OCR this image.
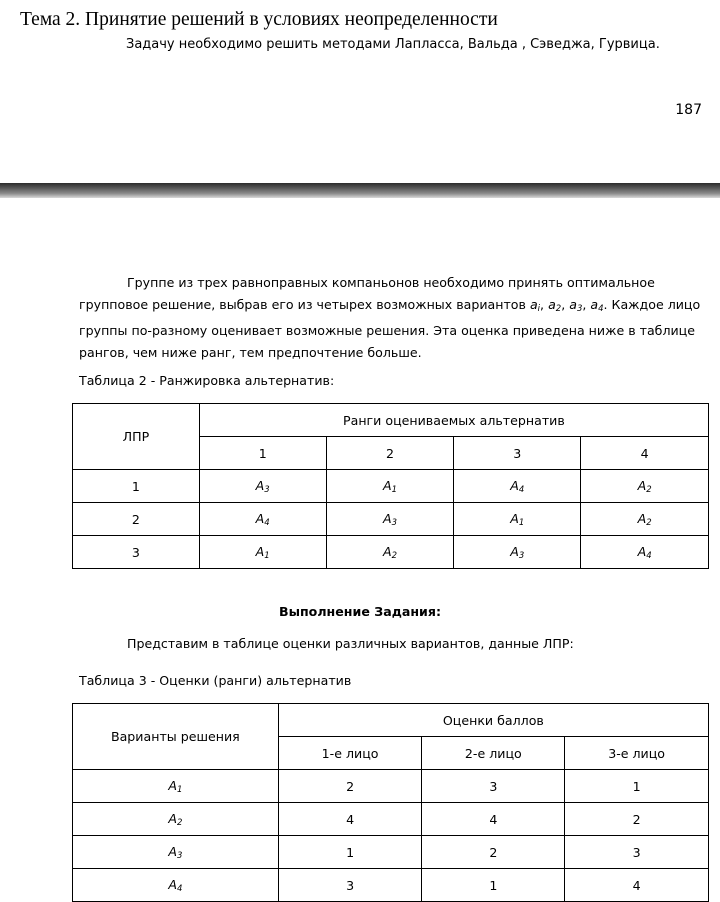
Тема 2. Принятие решений в условиях неопределенности
Задачу необходимо решить методами Лапласса, Вальда , Сэведжа, Гурвица.
187

Группе из трех равноправных компаньонов необходимо принять оптимальное групповое решение, выбрав его из четырех возможных вариантов $a_i$, $a_2$, $a_3$, $a_4$. Каждое лицо группы по-разному оценивает возможные решения. Эта оценка приведена ниже в таблице рангов, чем ниже ранг, тем предпочтение больше.

Таблица 2 - Ранжировка альтернатив:
ЛПР	Ранги оцениваемых альтернатив			
	1	2	3	4
1	$A_3$	$A_1$	$A_4$	$A_2$
2	$A_4$	$A_3$	$A_1$	$A_2$
3	$A_1$	$A_2$	$A_3$	$A_4$
Выполнение Задания:
Представим в таблице оценки различных вариантов, данные ЛПР:
Таблица 3 - Оценки (ранги) альтернатив
Варианты решения	Оценки баллов		
	1-е лицо	2-е лицо	3-е лицо
$A_1$	2	3	1
$A_2$	4	4	2
$A_3$	1	2	3
$A_4$	3	1	4
